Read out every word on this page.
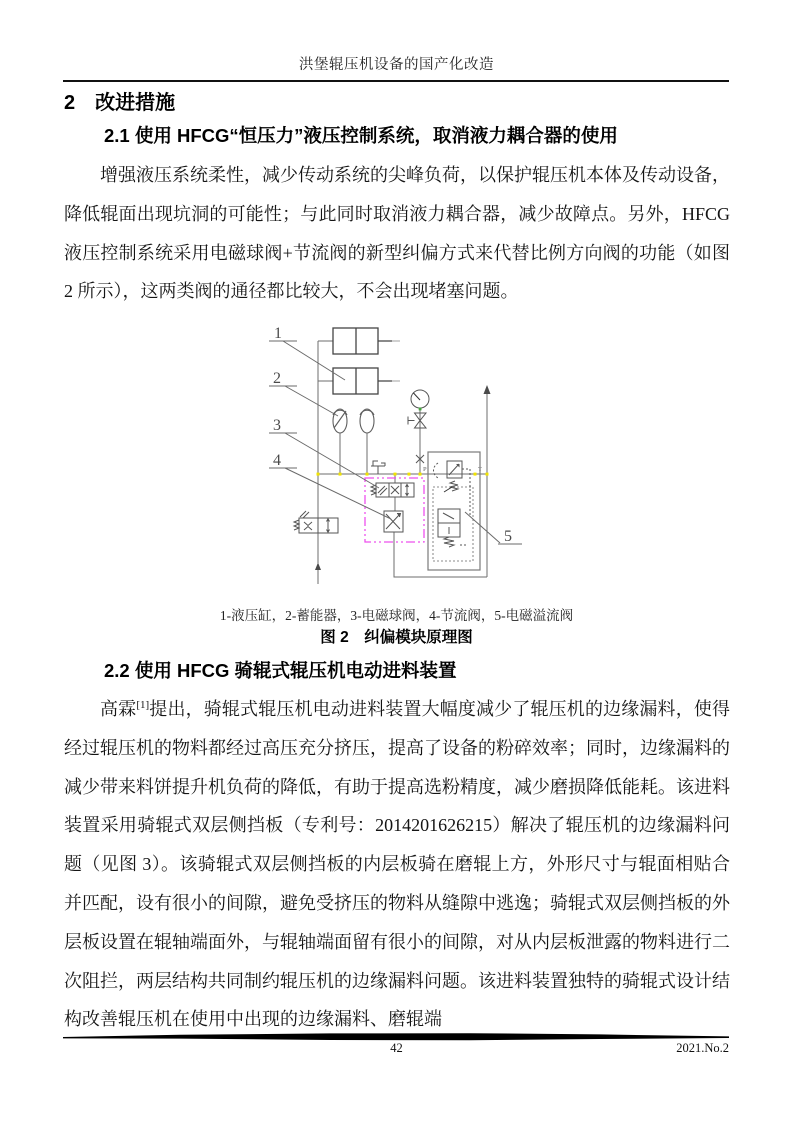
洪堡辊压机设备的国产化改造
2　改进措施
2.1 使用 HFCG“恒压力”液压控制系统，取消液力耦合器的使用
增强液压系统柔性，减少传动系统的尖峰负荷，以保护辊压机本体及传动设备，降低辊面出现坑洞的可能性；与此同时取消液力耦合器，减少故障点。另外，HFCG 液压控制系统采用电磁球阀+节流阀的新型纠偏方式来代替比例方向阀的功能（如图 2 所示），这两类阀的通径都比较大，不会出现堵塞问题。
P	T
1
2
3
4
5
1-液压缸，2-蓄能器，3-电磁球阀，4-节流阀，5-电磁溢流阀
图 2　纠偏模块原理图
2.2 使用 HFCG 骑辊式辊压机电动进料装置
高霖[1]提出，骑辊式辊压机电动进料装置大幅度减少了辊压机的边缘漏料，使得经过辊压机的物料都经过高压充分挤压，提高了设备的粉碎效率；同时，边缘漏料的减少带来料饼提升机负荷的降低，有助于提高选粉精度，减少磨损降低能耗。该进料装置采用骑辊式双层侧挡板（专利号：2014201626215）解决了辊压机的边缘漏料问题（见图 3）。该骑辊式双层侧挡板的内层板骑在磨辊上方，外形尺寸与辊面相贴合并匹配，设有很小的间隙，避免受挤压的物料从缝隙中逃逸；骑辊式双层侧挡板的外层板设置在辊轴端面外，与辊轴端面留有很小的间隙，对从内层板泄露的物料进行二次阻拦，两层结构共同制约辊压机的边缘漏料问题。该进料装置独特的骑辊式设计结构改善辊压机在使用中出现的边缘漏料、磨辊端
42	2021.No.2
